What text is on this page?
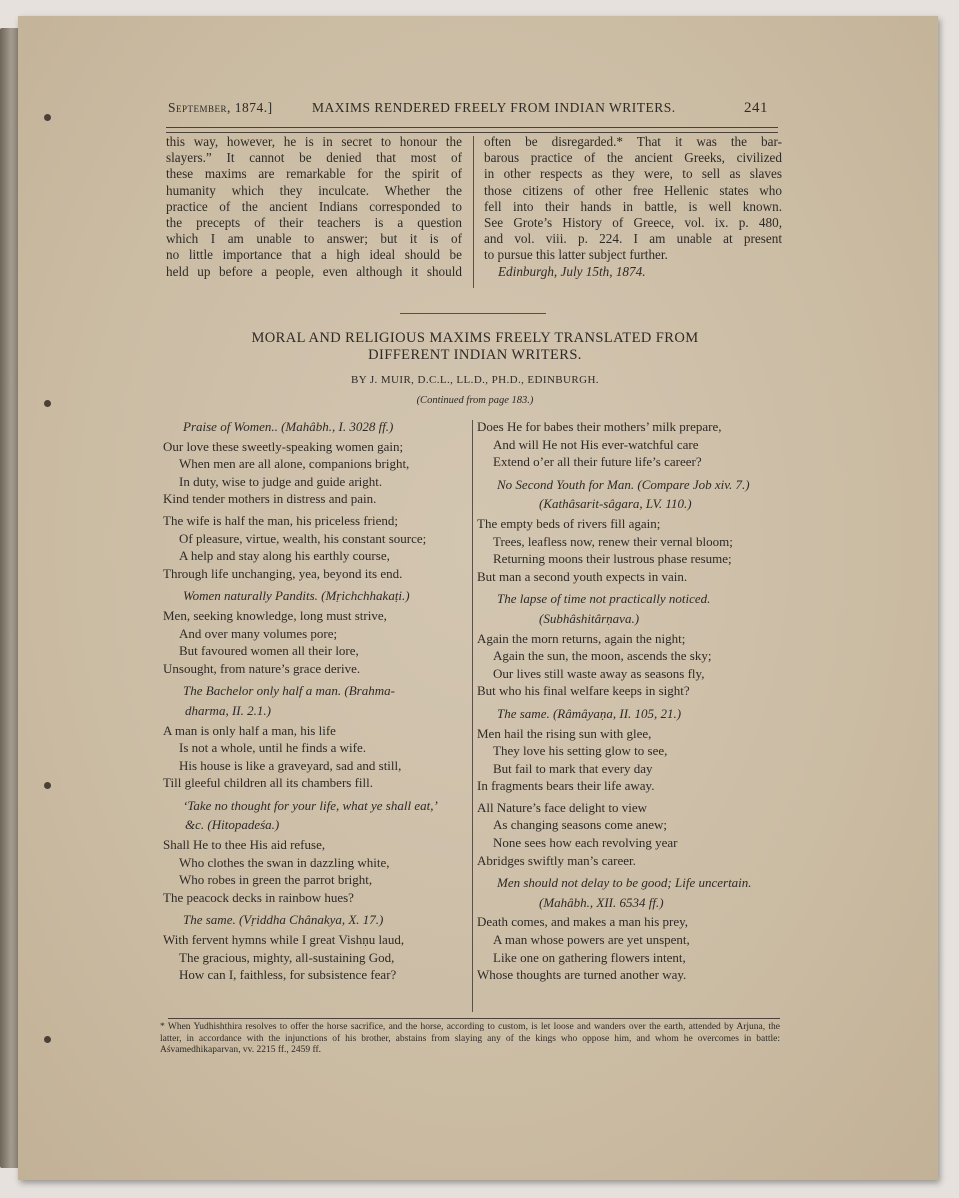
September, 1874.]	MAXIMS RENDERED FREELY FROM INDIAN WRITERS.	241
this way, however, he is in secret to honour the
slayers.” It cannot be denied that most of
these maxims are remarkable for the spirit of
humanity which they inculcate. Whether the
practice of the ancient Indians corresponded to
the precepts of their teachers is a question
which I am unable to answer; but it is of
no little importance that a high ideal should be
held up before a people, even although it should
often be disregarded.* That it was the bar-
barous practice of the ancient Greeks, civilized
in other respects as they were, to sell as slaves
those citizens of other free Hellenic states who
fell into their hands in battle, is well known.
See Grote’s History of Greece, vol. ix. p. 480,
and vol. viii. p. 224. I am unable at present
to pursue this latter subject further.
Edinburgh, July 15th, 1874.
MORAL AND RELIGIOUS MAXIMS FREELY TRANSLATED FROM
DIFFERENT INDIAN WRITERS.
BY J. MUIR, D.C.L., LL.D., PH.D., EDINBURGH.
(Continued from page 183.)
Praise of Women.. (Mahâbh., I. 3028 ff.)
Our love these sweetly-speaking women gain;
When men are all alone, companions bright,
In duty, wise to judge and guide aright.
Kind tender mothers in distress and pain.
The wife is half the man, his priceless friend;
Of pleasure, virtue, wealth, his constant source;
A help and stay along his earthly course,
Through life unchanging, yea, beyond its end.
Women naturally Pandits. (Mṛichchhakaṭi.)
Men, seeking knowledge, long must strive,
And over many volumes pore;
But favoured women all their lore,
Unsought, from nature’s grace derive.
The Bachelor only half a man. (Brahma-
dharma, II. 2.1.)
A man is only half a man, his life
Is not a whole, until he finds a wife.
His house is like a graveyard, sad and still,
Till gleeful children all its chambers fill.
‘Take no thought for your life, what ye shall eat,’
&c. (Hitopadeśa.)
Shall He to thee His aid refuse,
Who clothes the swan in dazzling white,
Who robes in green the parrot bright,
The peacock decks in rainbow hues?
The same. (Vṛiddha Chânakya, X. 17.)
With fervent hymns while I great Vishṇu laud,
The gracious, mighty, all-sustaining God,
How can I, faithless, for subsistence fear?
Does He for babes their mothers’ milk prepare,
And will He not His ever-watchful care
Extend o’er all their future life’s career?
No Second Youth for Man. (Compare Job xiv. 7.)
(Kathâsarit-sâgara, LV. 110.)
The empty beds of rivers fill again;
Trees, leafless now, renew their vernal bloom;
Returning moons their lustrous phase resume;
But man a second youth expects in vain.
The lapse of time not practically noticed.
(Subhâshitârṇava.)
Again the morn returns, again the night;
Again the sun, the moon, ascends the sky;
Our lives still waste away as seasons fly,
But who his final welfare keeps in sight?
The same. (Râmâyaṇa, II. 105, 21.)
Men hail the rising sun with glee,
They love his setting glow to see,
But fail to mark that every day
In fragments bears their life away.
All Nature’s face delight to view
As changing seasons come anew;
None sees how each revolving year
Abridges swiftly man’s career.
Men should not delay to be good; Life uncertain.
(Mahâbh., XII. 6534 ff.)
Death comes, and makes a man his prey,
A man whose powers are yet unspent,
Like one on gathering flowers intent,
Whose thoughts are turned another way.
* When Yudhishthira resolves to offer the horse sacrifice, and the horse, according to custom, is let loose and wanders over the earth, attended by Arjuna, the latter, in accordance with the injunctions of his brother, abstains from slaying any of the kings who oppose him, and whom he overcomes in battle: Aśvamedhikaparvan, vv. 2215 ff., 2459 ff.
